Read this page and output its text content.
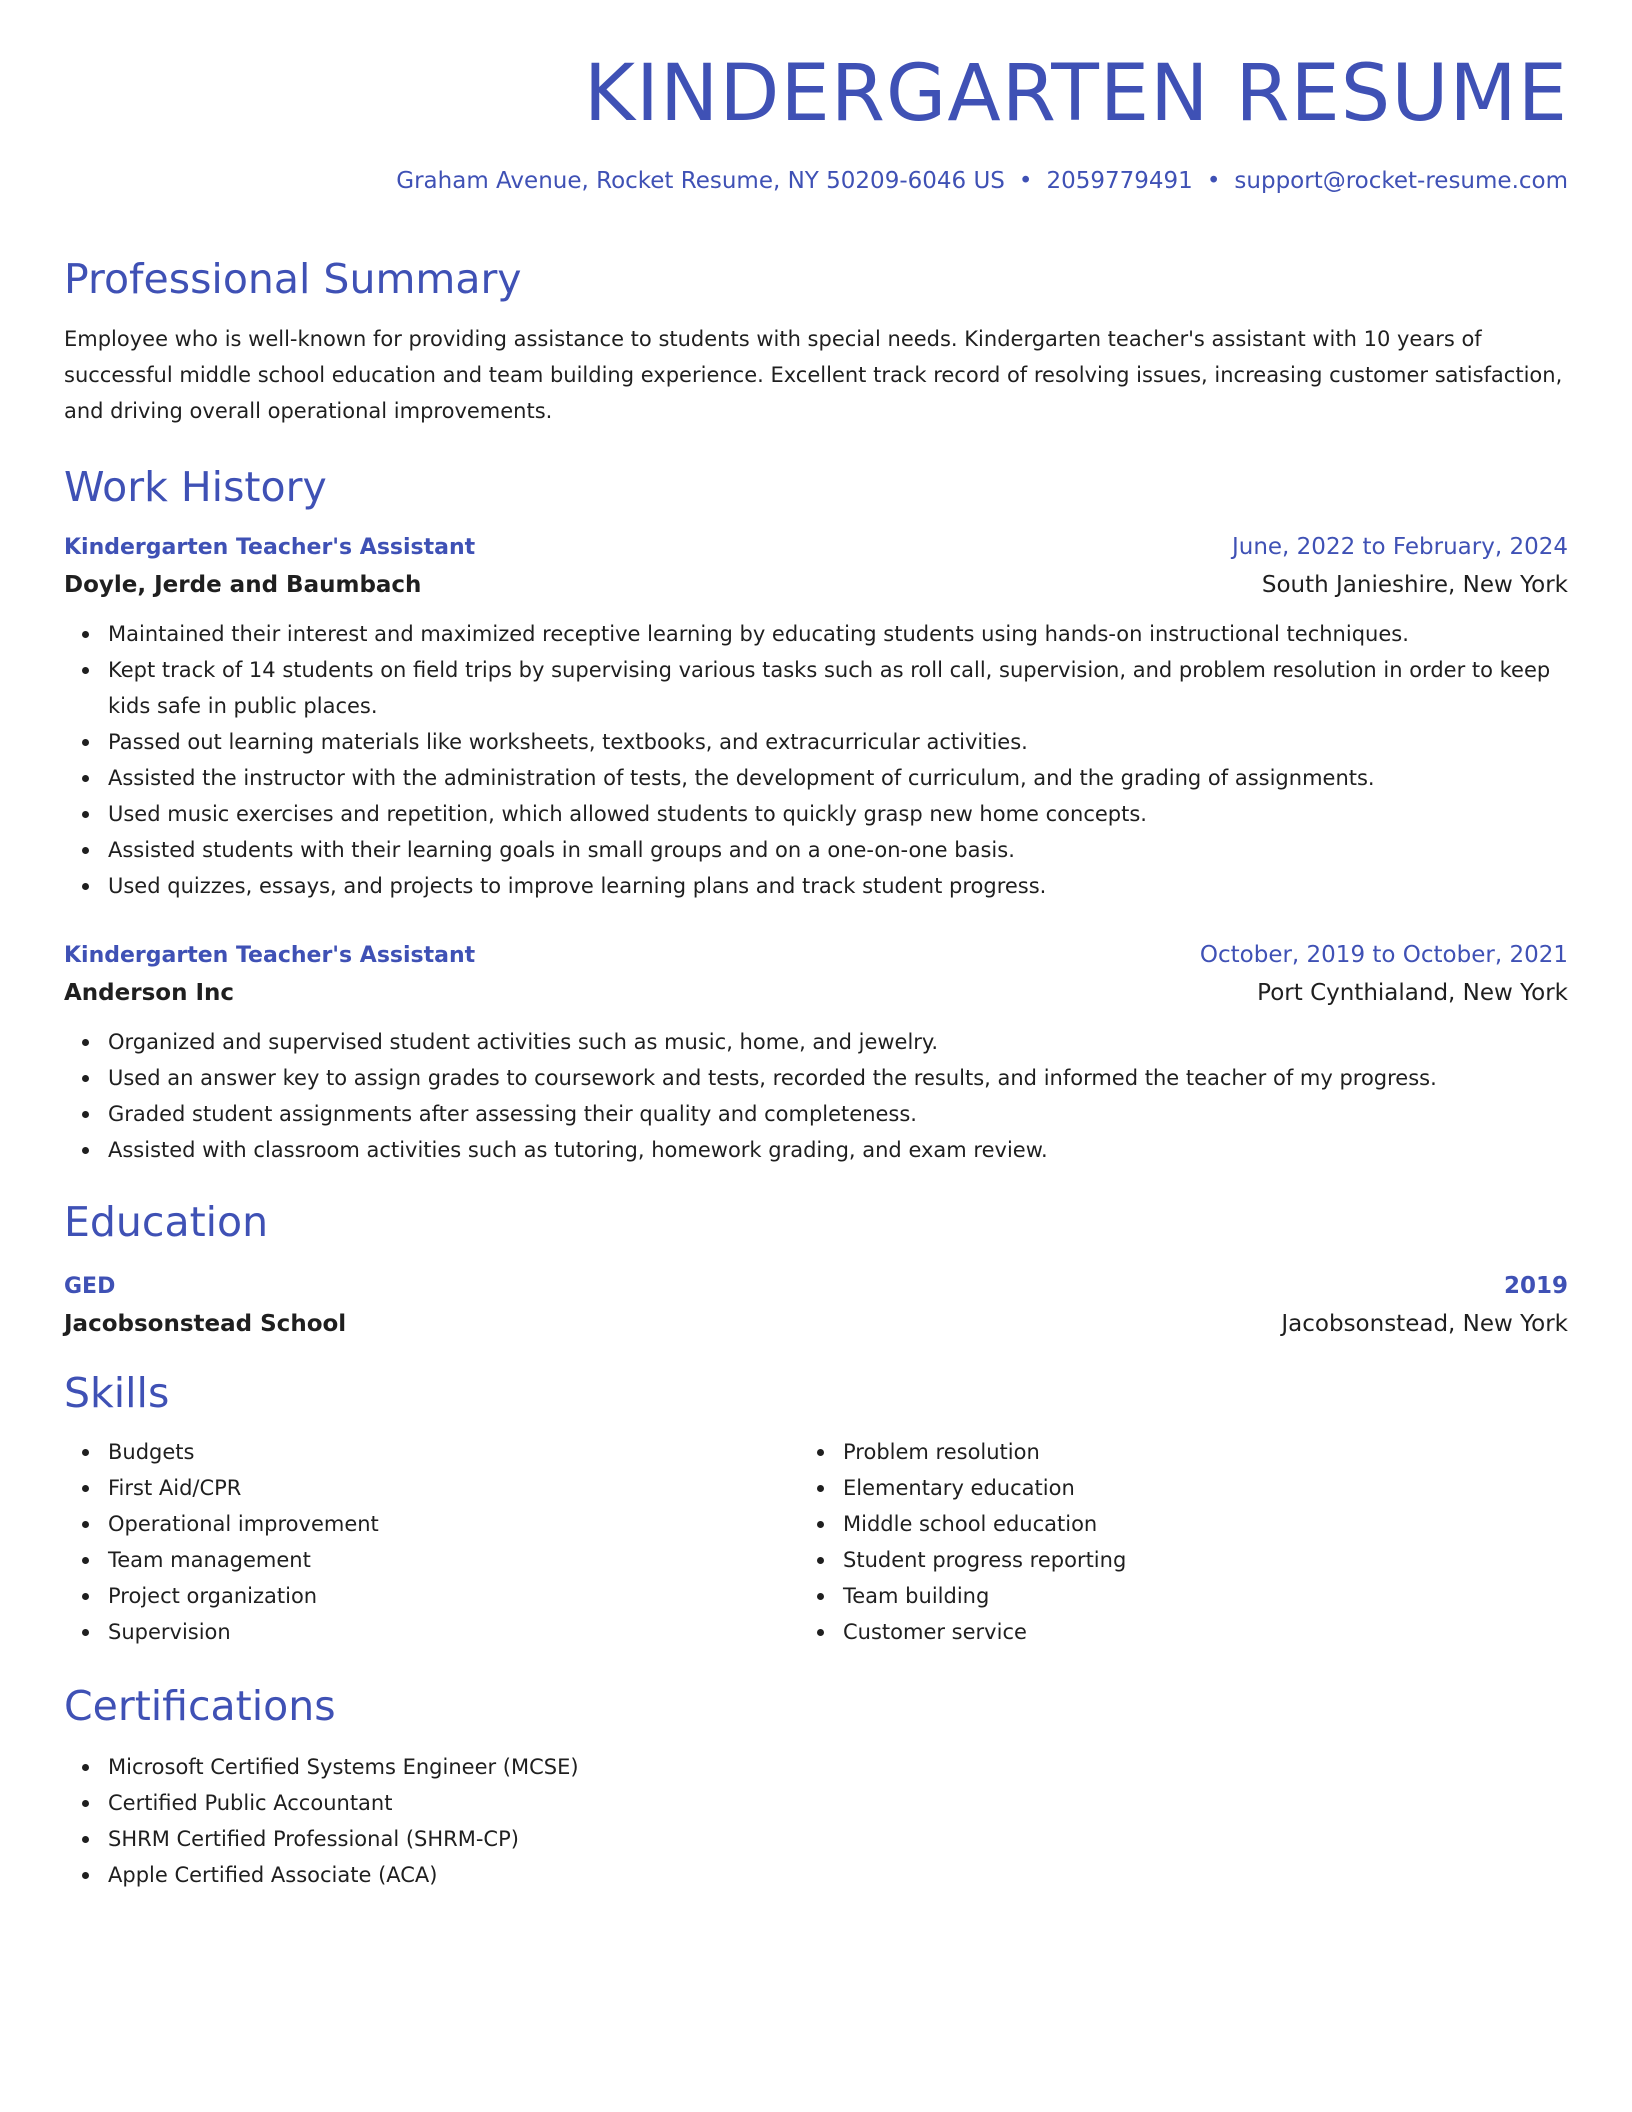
KINDERGARTEN RESUME
Graham Avenue, Rocket Resume, NY 50209-6046 US • 2059779491 • support@rocket-resume.com
Professional Summary
Employee who is well-known for providing assistance to students with special needs. Kindergarten teacher's assistant with 10 years of successful middle school education and team building experience. Excellent track record of resolving issues, increasing customer satisfaction, and driving overall operational improvements.
Work History
Kindergarten Teacher's Assistant	June, 2022 to February, 2024
Doyle, Jerde and Baumbach	South Janieshire, New York
Maintained their interest and maximized receptive learning by educating students using hands-on instructional techniques.
Kept track of 14 students on field trips by supervising various tasks such as roll call, supervision, and problem resolution in order to keep kids safe in public places.
Passed out learning materials like worksheets, textbooks, and extracurricular activities.
Assisted the instructor with the administration of tests, the development of curriculum, and the grading of assignments.
Used music exercises and repetition, which allowed students to quickly grasp new home concepts.
Assisted students with their learning goals in small groups and on a one-on-one basis.
Used quizzes, essays, and projects to improve learning plans and track student progress.
Kindergarten Teacher's Assistant	October, 2019 to October, 2021
Anderson Inc	Port Cynthialand, New York
Organized and supervised student activities such as music, home, and jewelry.
Used an answer key to assign grades to coursework and tests, recorded the results, and informed the teacher of my progress.
Graded student assignments after assessing their quality and completeness.
Assisted with classroom activities such as tutoring, homework grading, and exam review.
Education
GED	2019
Jacobsonstead School	Jacobsonstead, New York
Skills
Budgets
First Aid/CPR
Operational improvement
Team management
Project organization
Supervision
Problem resolution
Elementary education
Middle school education
Student progress reporting
Team building
Customer service
Certifications
Microsoft Certified Systems Engineer (MCSE)
Certified Public Accountant
SHRM Certified Professional (SHRM-CP)
Apple Certified Associate (ACA)
